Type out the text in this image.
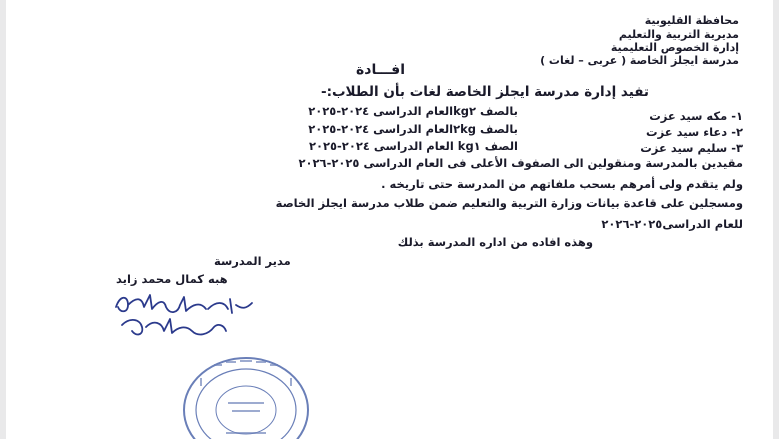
محافظة القليوبية
مديرية التربية والتعليم
إدارة الخصوص التعليمية
مدرسة ايجلز الخاصة ( عربى – لغات )
افـــادة
تفيد إدارة مدرسة ايجلز الخاصة لغات بأن الطلاب:-
١- مكه سيد عزت
بالصف kg٢العام الدراسى ٢٠٢٤-٢٠٢٥
٢- دعاء سيد عزت
بالصف ٢kgالعام الدراسى ٢٠٢٤-٢٠٢٥
٣- سليم سيد عزت
الصف kg١ العام الدراسى ٢٠٢٤-٢٠٢٥
مقيدين بالمدرسة ومنقولين الى الصفوف الأعلى فى العام الدراسى ٢٠٢٥-٢٠٢٦
ولم يتقدم ولى أمرهم بسحب ملفاتهم من المدرسة حتى تاريخه .
ومسجلين على قاعدة بيانات وزارة التربية والتعليم ضمن طلاب مدرسة ايجلز الخاصة
للعام الدراسى٢٠٢٥-٢٠٢٦
وهذه افاده من اداره المدرسة بذلك
مدير المدرسة
هبه كمال محمد زايد
